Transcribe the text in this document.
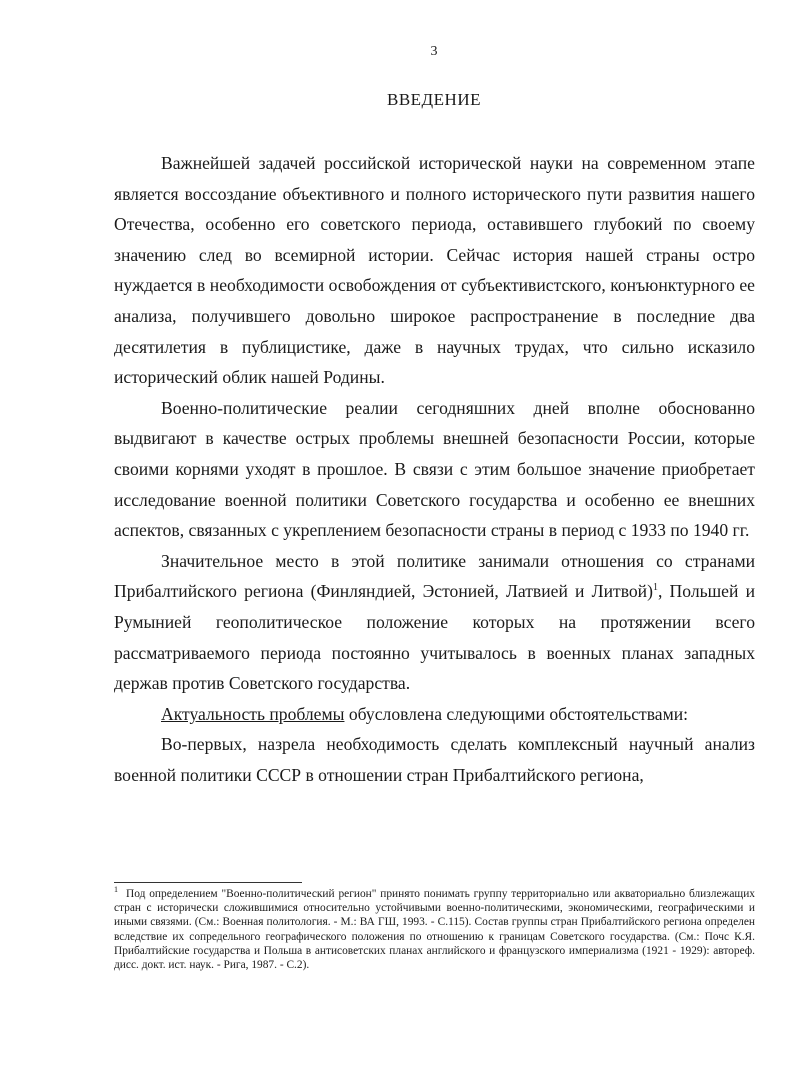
3
ВВЕДЕНИЕ

Важнейшей задачей российской исторической науки на современном этапе является воссоздание объективного и полного исторического пути развития нашего Отечества, особенно его советского периода, оставившего глубокий по своему значению след во всемирной истории. Сейчас история нашей страны остро нуждается в необходимости освобождения от субъективистского, конъюнктурного ее анализа, получившего довольно широкое распространение в последние два десятилетия в публицистике, даже в научных трудах, что сильно исказило исторический облик нашей Родины.

Военно-политические реалии сегодняшних дней вполне обоснованно выдвигают в качестве острых проблемы внешней безопасности России, которые своими корнями уходят в прошлое. В связи с этим большое значение приобретает исследование военной политики Советского государства и особенно ее внешних аспектов, связанных с укреплением безопасности страны в период с 1933 по 1940 гг.

Значительное место в этой политике занимали отношения со странами Прибалтийского региона (Финляндией, Эстонией, Латвией и Литвой)$^1$, Польшей и Румынией геополитическое положение которых на протяжении всего рассматриваемого периода постоянно учитывалось в военных планах западных держав против Советского государства.

Актуальность проблемы обусловлена следующими обстоятельствами:

Во-первых, назрела необходимость сделать комплексный научный анализ военной политики СССР в отношении стран Прибалтийского региона,

$^1$ Под определением "Военно-политический регион" принято понимать группу территориально или акваториально близлежащих стран с исторически сложившимися относительно устойчивыми военно-политическими, экономическими, географическими и иными связями. (См.: Военная политология. - М.: ВА ГШ, 1993. - С.115). Состав группы стран Прибалтийского региона определен вследствие их сопредельного географического положения по отношению к границам Советского государства. (См.: Почс К.Я. Прибалтийские государства и Польша в антисоветских планах английского и французского империализма (1921 - 1929): автореф. дисс. докт. ист. наук. - Рига, 1987. - С.2).
